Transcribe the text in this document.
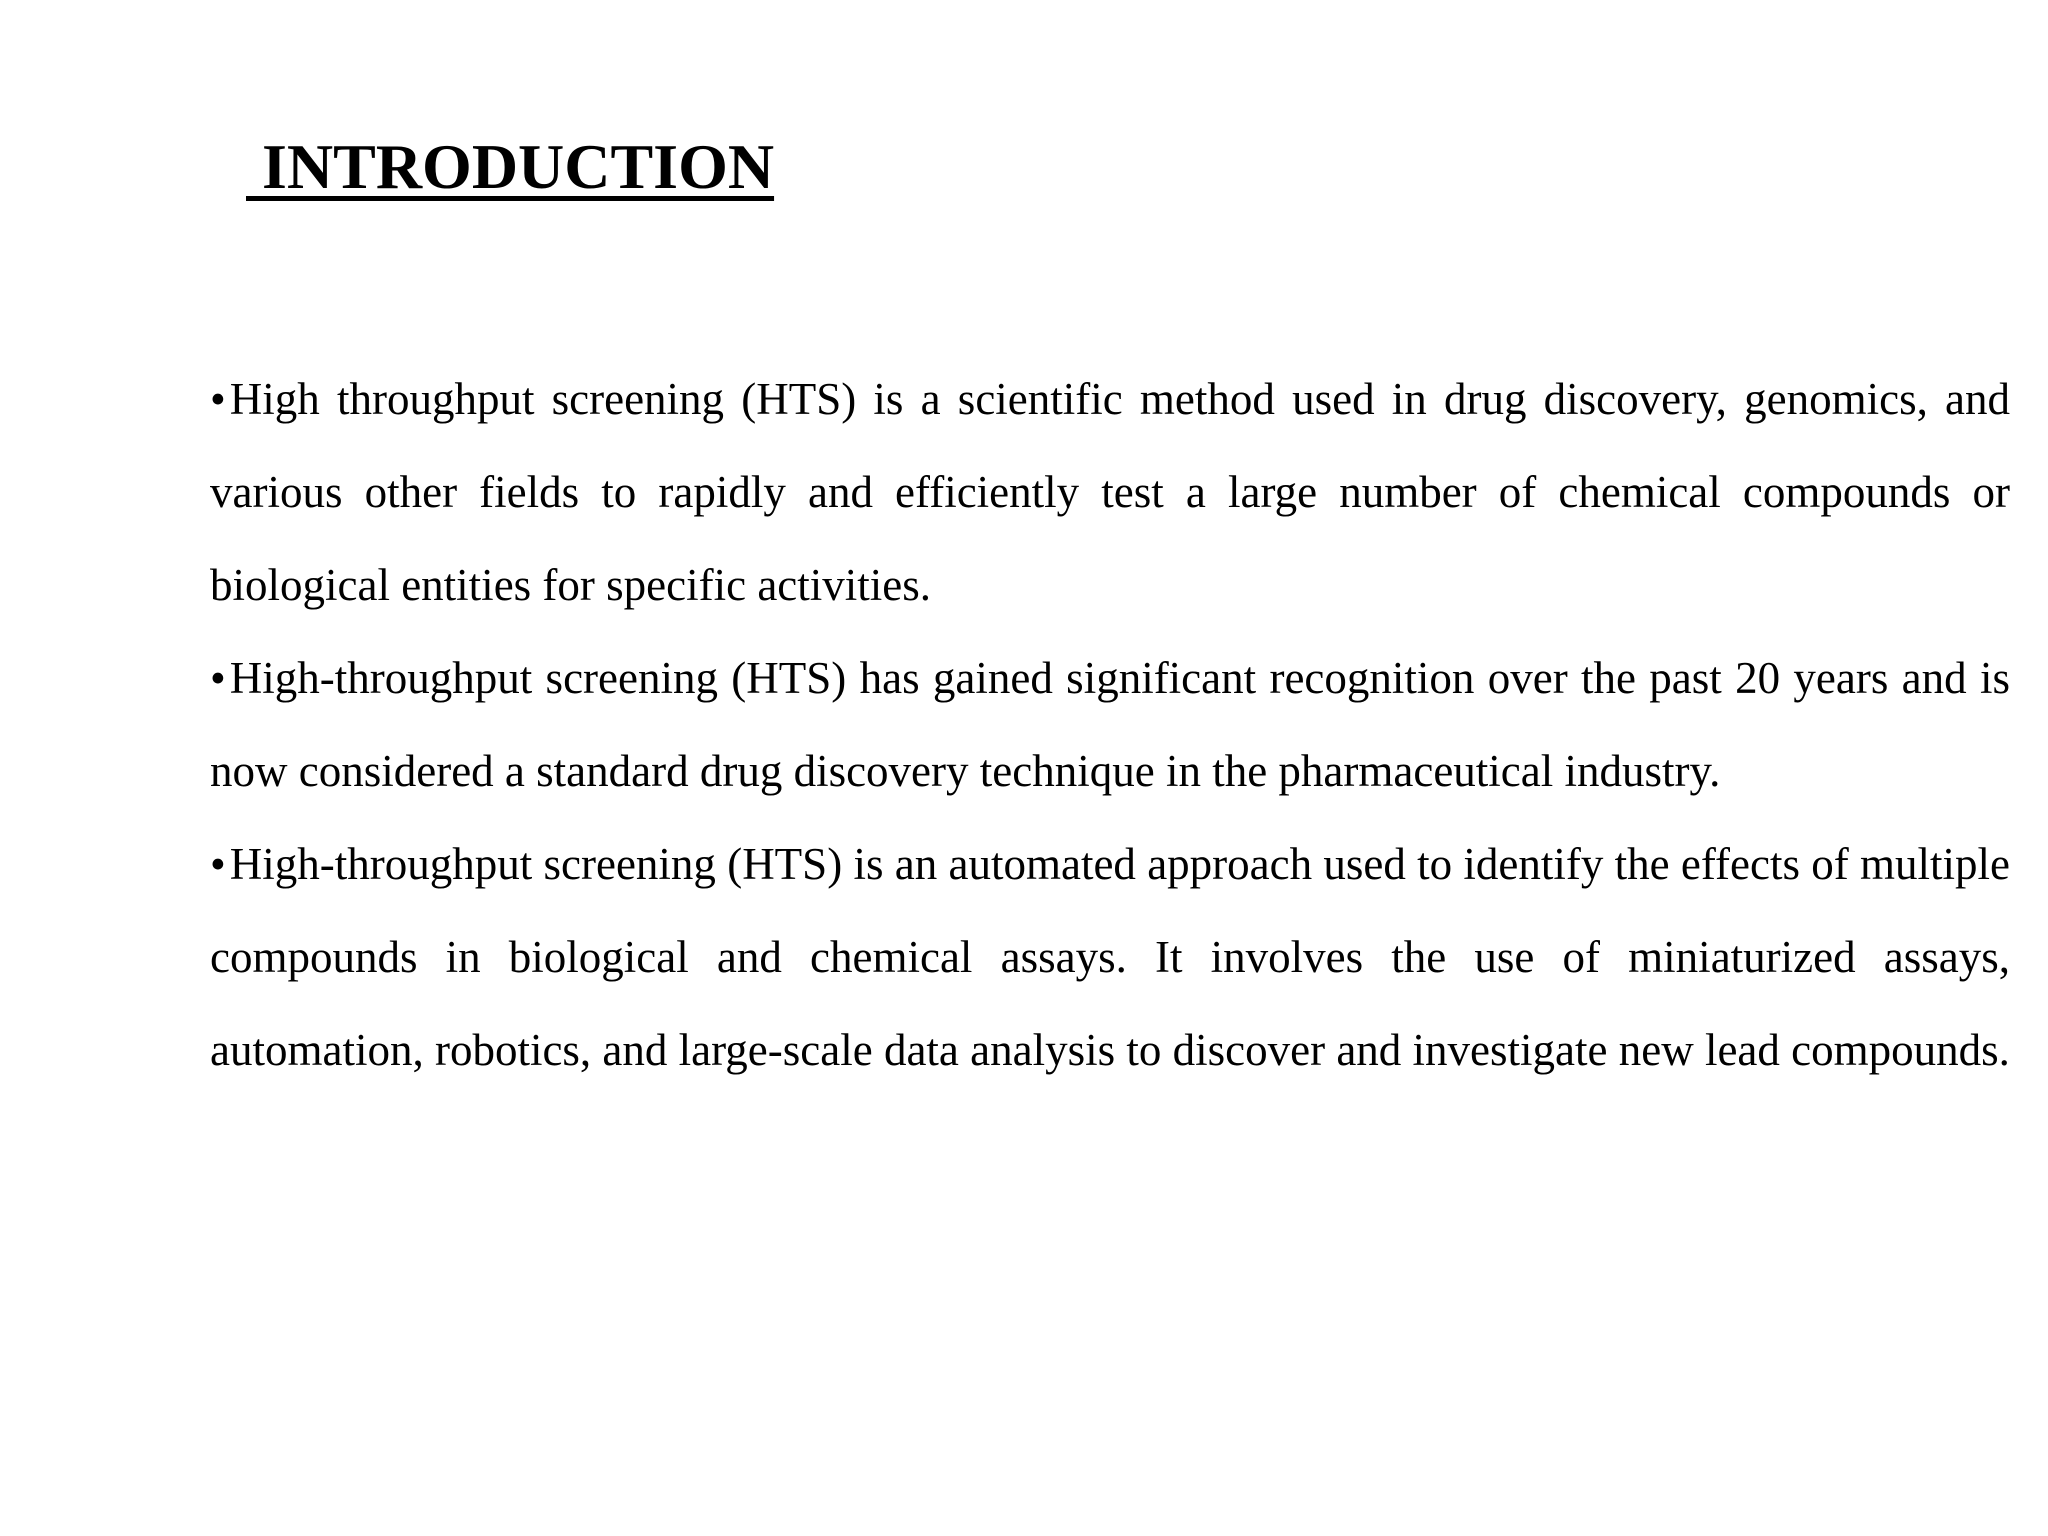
INTRODUCTION
•High throughput screening (HTS) is a scientific method used in drug discovery, genomics, and various other fields to rapidly and efficiently test a large number of chemical compounds or biological entities for specific activities.
•High-throughput screening (HTS) has gained significant recognition over the past 20 years and is now considered a standard drug discovery technique in the pharmaceutical industry.
•High-throughput screening (HTS) is an automated approach used to identify the effects of multiple compounds in biological and chemical assays. It involves the use of miniaturized assays, automation, robotics, and large-scale data analysis to discover and investigate new lead compounds.
